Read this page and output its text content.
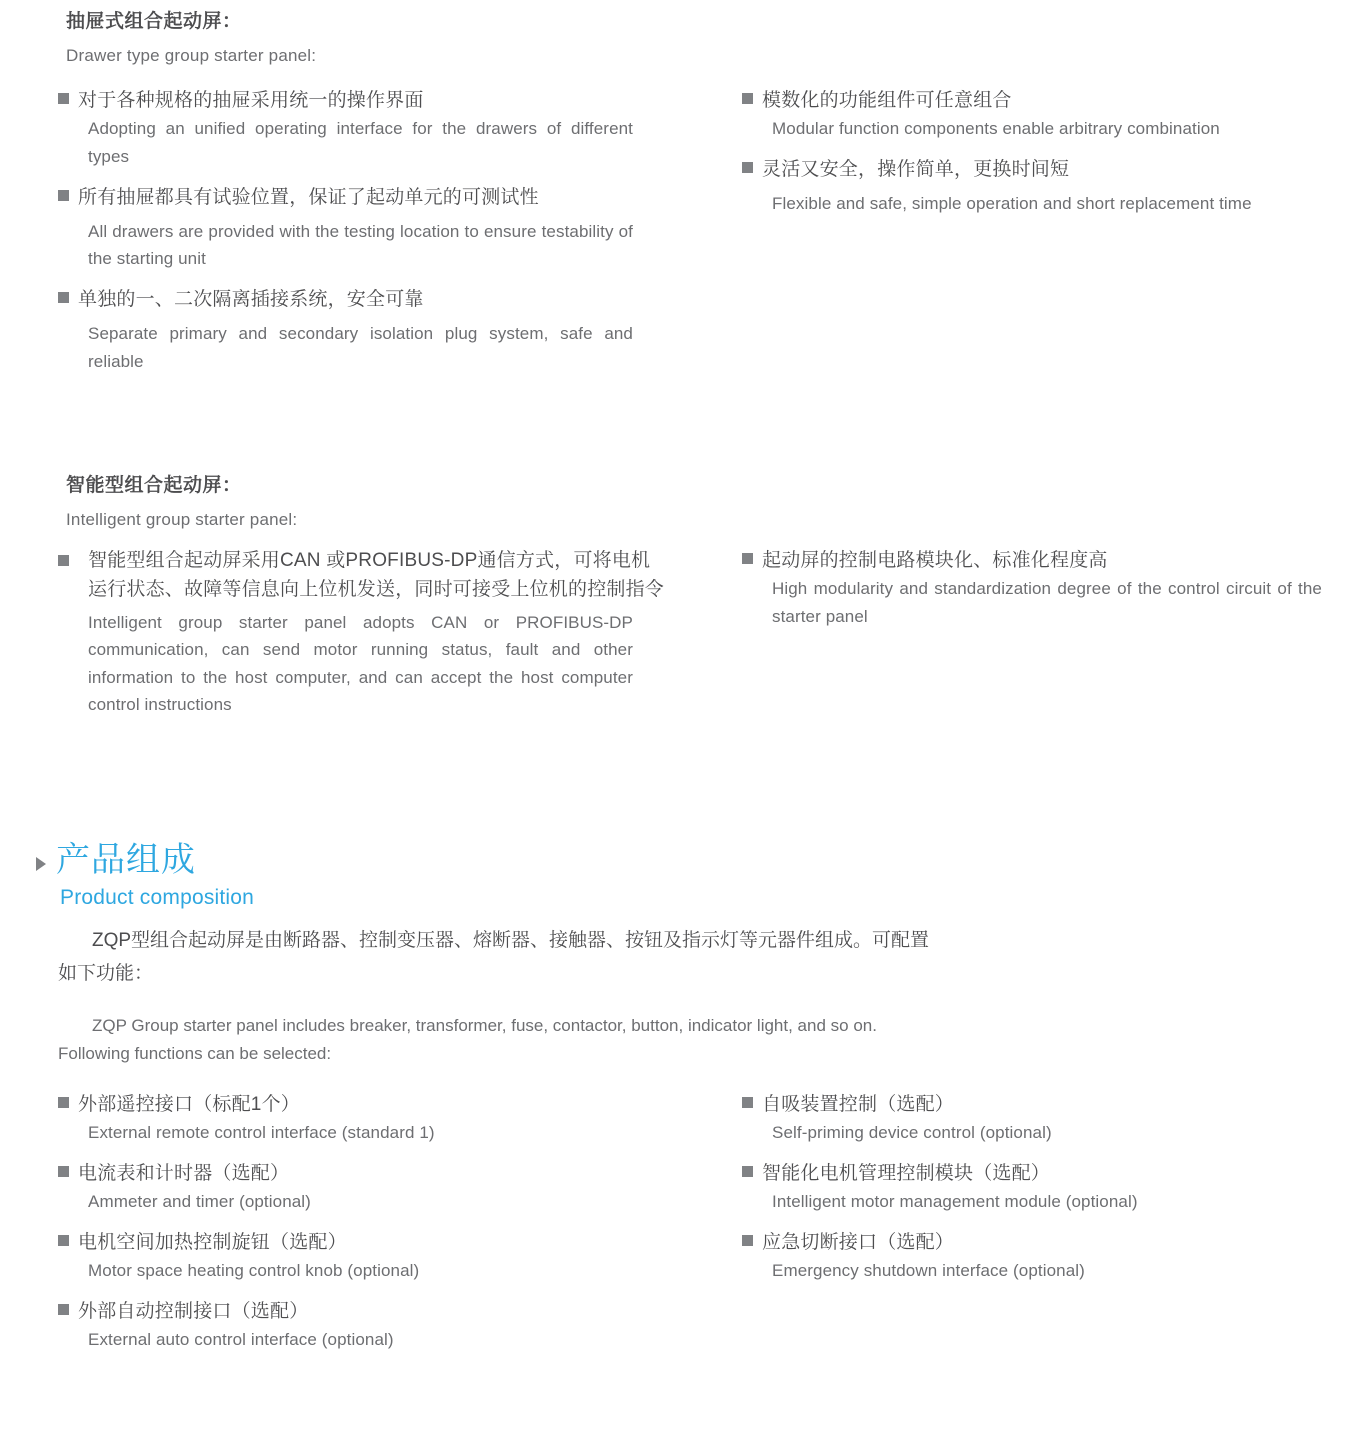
抽屉式组合起动屏：
Drawer type group starter panel:
对于各种规格的抽屉采用统一的操作界面
Adopting an unified operating interface for the drawers of different types
所有抽屉都具有试验位置，保证了起动单元的可测试性
All drawers are provided with the testing location to ensure testability of the starting unit
单独的一、二次隔离插接系统，安全可靠
Separate primary and secondary isolation plug system, safe and reliable
模数化的功能组件可任意组合
Modular function components enable arbitrary combination
灵活又安全，操作简单，更换时间短
Flexible and safe, simple operation and short replacement time
智能型组合起动屏：
Intelligent group starter panel:
智能型组合起动屏采用CAN 或PROFIBUS-DP通信方式，可将电机运行状态、故障等信息向上位机发送，同时可接受上位机的控制指令
Intelligent group starter panel adopts CAN or PROFIBUS-DP communication, can send motor running status, fault and other information to the host computer, and can accept the host computer control instructions
起动屏的控制电路模块化、标准化程度高
High modularity and standardization degree of the control circuit of the starter panel
产品组成
Product composition
ZQP型组合起动屏是由断路器、控制变压器、熔断器、接触器、按钮及指示灯等元器件组成。可配置如下功能：
ZQP Group starter panel includes breaker, transformer, fuse, contactor, button, indicator light, and so on. Following functions can be selected:
外部遥控接口（标配1个）
External remote control interface (standard 1)
电流表和计时器（选配）
Ammeter and timer (optional)
电机空间加热控制旋钮（选配）
Motor space heating control knob (optional)
外部自动控制接口（选配）
External auto control interface (optional)
自吸装置控制（选配）
Self-priming device control (optional)
智能化电机管理控制模块（选配）
Intelligent motor management module (optional)
应急切断接口（选配）
Emergency shutdown interface (optional)
